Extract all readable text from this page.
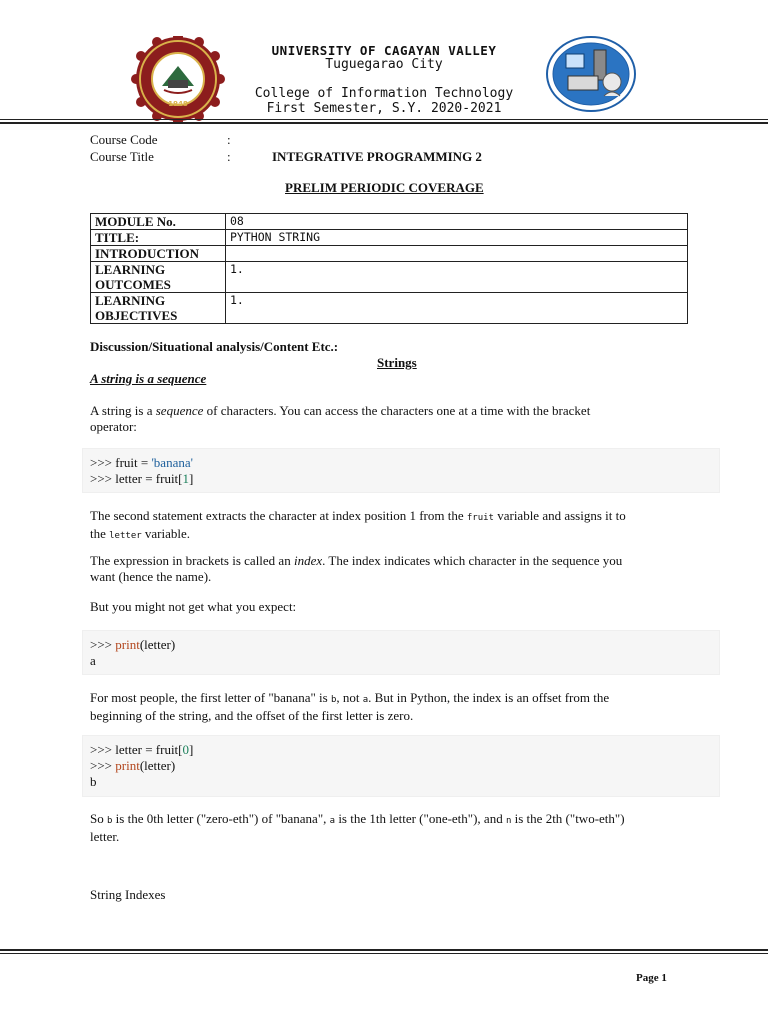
1948
UNIVERSITY OF CAGAYAN VALLEY
Tuguegarao City
College of Information Technology
First Semester, S.Y. 2020-2021
Course Code	:
Course Title	:	INTEGRATIVE PROGRAMMING 2
PRELIM PERIODIC COVERAGE
MODULE No.	08
TITLE:	PYTHON STRING
INTRODUCTION	
LEARNING OUTCOMES	1.
LEARNING OBJECTIVES	1.
Discussion/Situational analysis/Content Etc.:
Strings
A string is a sequence
A string is a sequence of characters. You can access the characters one at a time with the bracket
operator:
>>> fruit = 'banana'
>>> letter = fruit[1]
The second statement extracts the character at index position 1 from the fruit variable and assigns it to
the letter variable.
The expression in brackets is called an index. The index indicates which character in the sequence you
want (hence the name).
But you might not get what you expect:
>>> print(letter)
a
For most people, the first letter of "banana" is b, not a. But in Python, the index is an offset from the
beginning of the string, and the offset of the first letter is zero.
>>> letter = fruit[0]
>>> print(letter)
b
So b is the 0th letter ("zero-eth") of "banana", a is the 1th letter ("one-eth"), and n is the 2th ("two-eth")
letter.
String Indexes
Page 1
